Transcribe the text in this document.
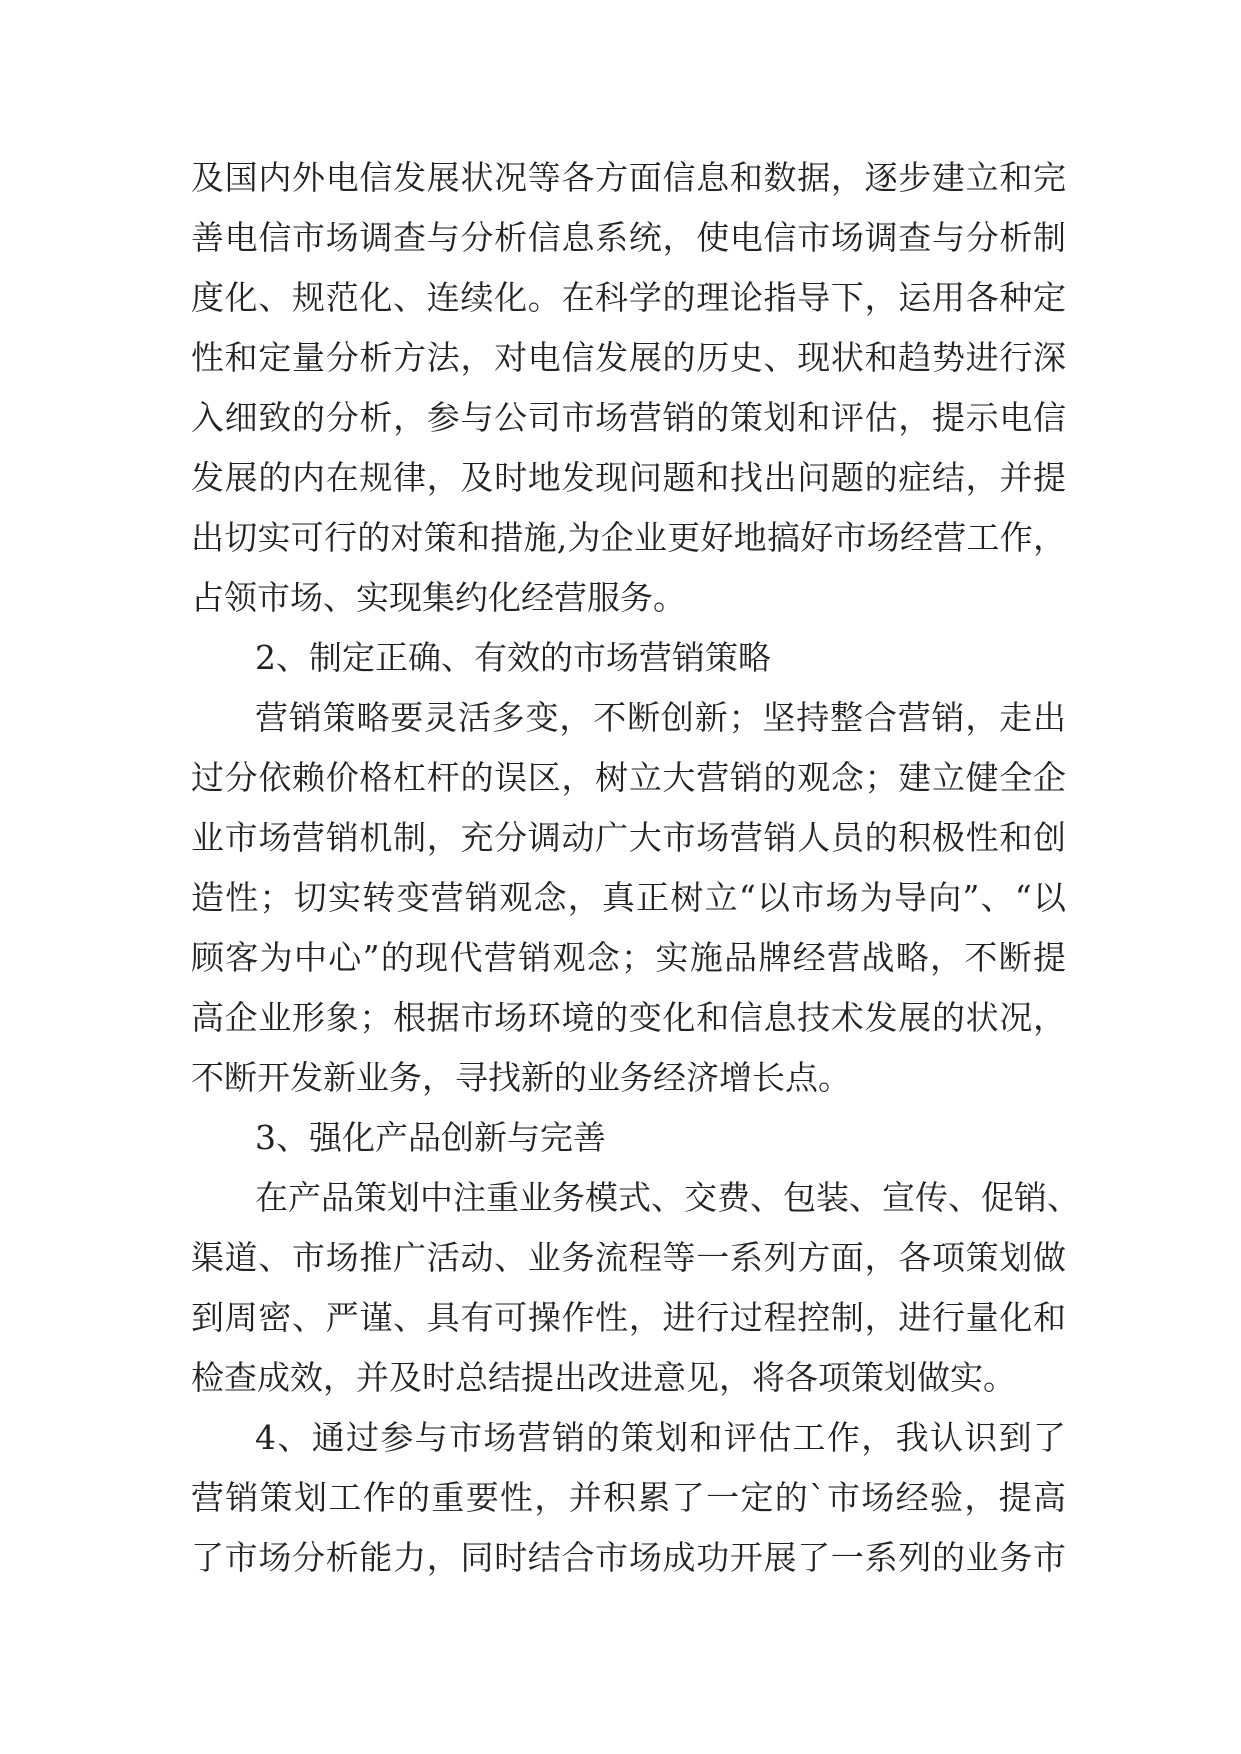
及国内外电信发展状况等各方面信息和数据，逐步建立和完
善电信市场调查与分析信息系统，使电信市场调查与分析制
度化、规范化、连续化。在科学的理论指导下，运用各种定
性和定量分析方法，对电信发展的历史、现状和趋势进行深
入细致的分析，参与公司市场营销的策划和评估，提示电信
发展的内在规律，及时地发现问题和找出问题的症结，并提
出切实可行的对策和措施,为企业更好地搞好市场经营工作，
占领市场、实现集约化经营服务。
2、制定正确、有效的市场营销策略
营销策略要灵活多变，不断创新；坚持整合营销，走出
过分依赖价格杠杆的误区，树立大营销的观念；建立健全企
业市场营销机制，充分调动广大市场营销人员的积极性和创
造性；切实转变营销观念，真正树立“以市场为导向”、“以
顾客为中心”的现代营销观念；实施品牌经营战略，不断提
高企业形象；根据市场环境的变化和信息技术发展的状况，
不断开发新业务，寻找新的业务经济增长点。
3、强化产品创新与完善
在产品策划中注重业务模式、交费、包装、宣传、促销、
渠道、市场推广活动、业务流程等一系列方面，各项策划做
到周密、严谨、具有可操作性，进行过程控制，进行量化和
检查成效，并及时总结提出改进意见，将各项策划做实。
4、通过参与市场营销的策划和评估工作，我认识到了
营销策划工作的重要性，并积累了一定的`市场经验，提高
了市场分析能力，同时结合市场成功开展了一系列的业务市
